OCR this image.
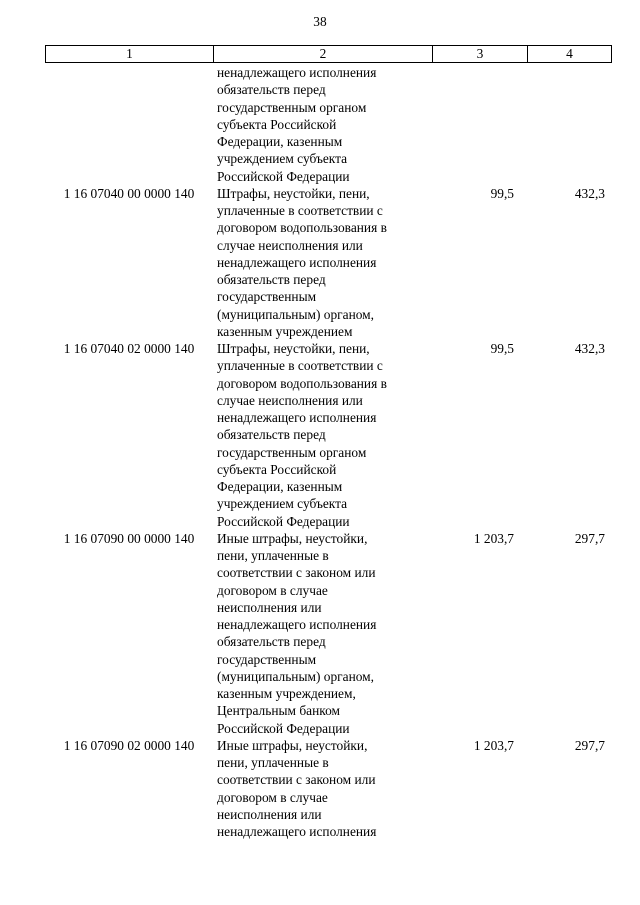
38
1	2	3	4
ненадлежащего исполнения
обязательств перед
государственным органом
субъекта Российской
Федерации, казенным
учреждением субъекта
Российской Федерации
1 16 07040 00 0000 140	Штрафы, неустойки, пени,
уплаченные в соответствии с
договором водопользования в
случае неисполнения или
ненадлежащего исполнения
обязательств перед
государственным
(муниципальным) органом,
казенным учреждением
99,5	432,3
1 16 07040 02 0000 140	Штрафы, неустойки, пени,
уплаченные в соответствии с
договором водопользования в
случае неисполнения или
ненадлежащего исполнения
обязательств перед
государственным органом
субъекта Российской
Федерации, казенным
учреждением субъекта
Российской Федерации
99,5	432,3
1 16 07090 00 0000 140	Иные штрафы, неустойки,
пени, уплаченные в
соответствии с законом или
договором в случае
неисполнения или
ненадлежащего исполнения
обязательств перед
государственным
(муниципальным) органом,
казенным учреждением,
Центральным банком
Российской Федерации
1 203,7	297,7
1 16 07090 02 0000 140	Иные штрафы, неустойки,
пени, уплаченные в
соответствии с законом или
договором в случае
неисполнения или
ненадлежащего исполнения
1 203,7	297,7
